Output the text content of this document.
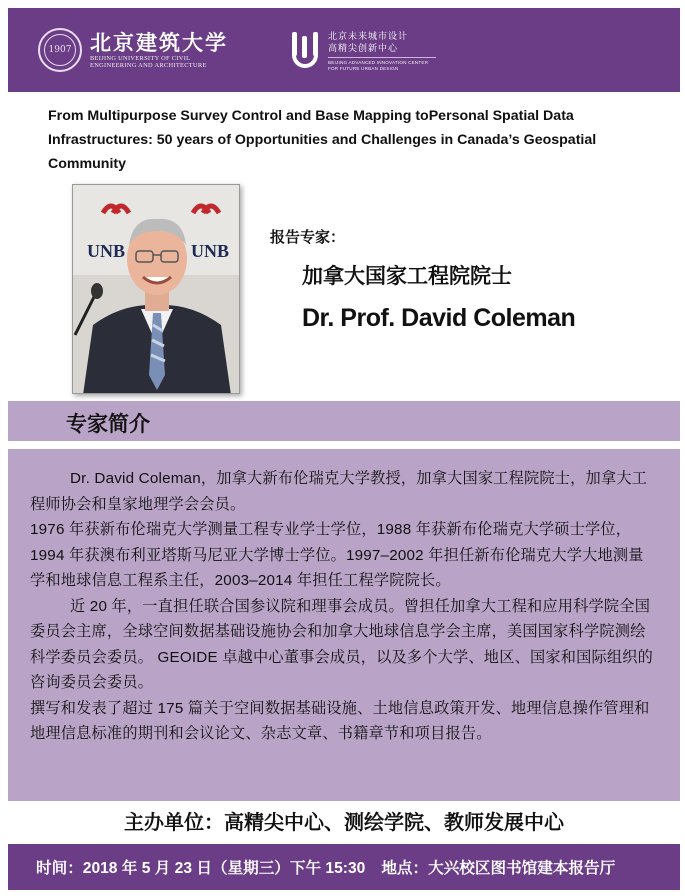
1907 北京建筑大学
BEIJING UNIVERSITY OF CIVIL
ENGINEERING AND ARCHITECTURE
北京未来城市设计
高精尖创新中心
BEIJING ADVANCED INNOVATION CENTER
FOR FUTURE URBAN DESIGN
From Multipurpose Survey Control and Base Mapping toPersonal Spatial Data Infrastructures: 50 years of Opportunities and Challenges in Canada’s Geospatial Community
UNB	UNB
报告专家：
加拿大国家工程院院士
Dr. Prof. David Coleman
专家简介

Dr. David Coleman，加拿大新布伦瑞克大学教授，加拿大国家工程院院士，加拿大工程师协会和皇家地理学会会员。

1976 年获新布伦瑞克大学测量工程专业学士学位，1988 年获新布伦瑞克大学硕士学位，1994 年获澳布利亚塔斯马尼亚大学博士学位。1997–2002 年担任新布伦瑞克大学大地测量学和地球信息工程系主任，2003–2014 年担任工程学院院长。

近 20 年，一直担任联合国参议院和理事会成员。曾担任加拿大工程和应用科学院全国委员会主席，全球空间数据基础设施协会和加拿大地球信息学会主席，美国国家科学院测绘科学委员会委员。 GEOIDE 卓越中心董事会成员，以及多个大学、地区、国家和国际组织的咨询委员会委员。

撰写和发表了超过 175 篇关于空间数据基础设施、土地信息政策开发、地理信息操作管理和地理信息标准的期刊和会议论文、杂志文章、书籍章节和项目报告。

主办单位：高精尖中心、测绘学院、教师发展中心
时间：2018 年 5 月 23 日（星期三）下午 15:30 地点：大兴校区图书馆建本报告厅
